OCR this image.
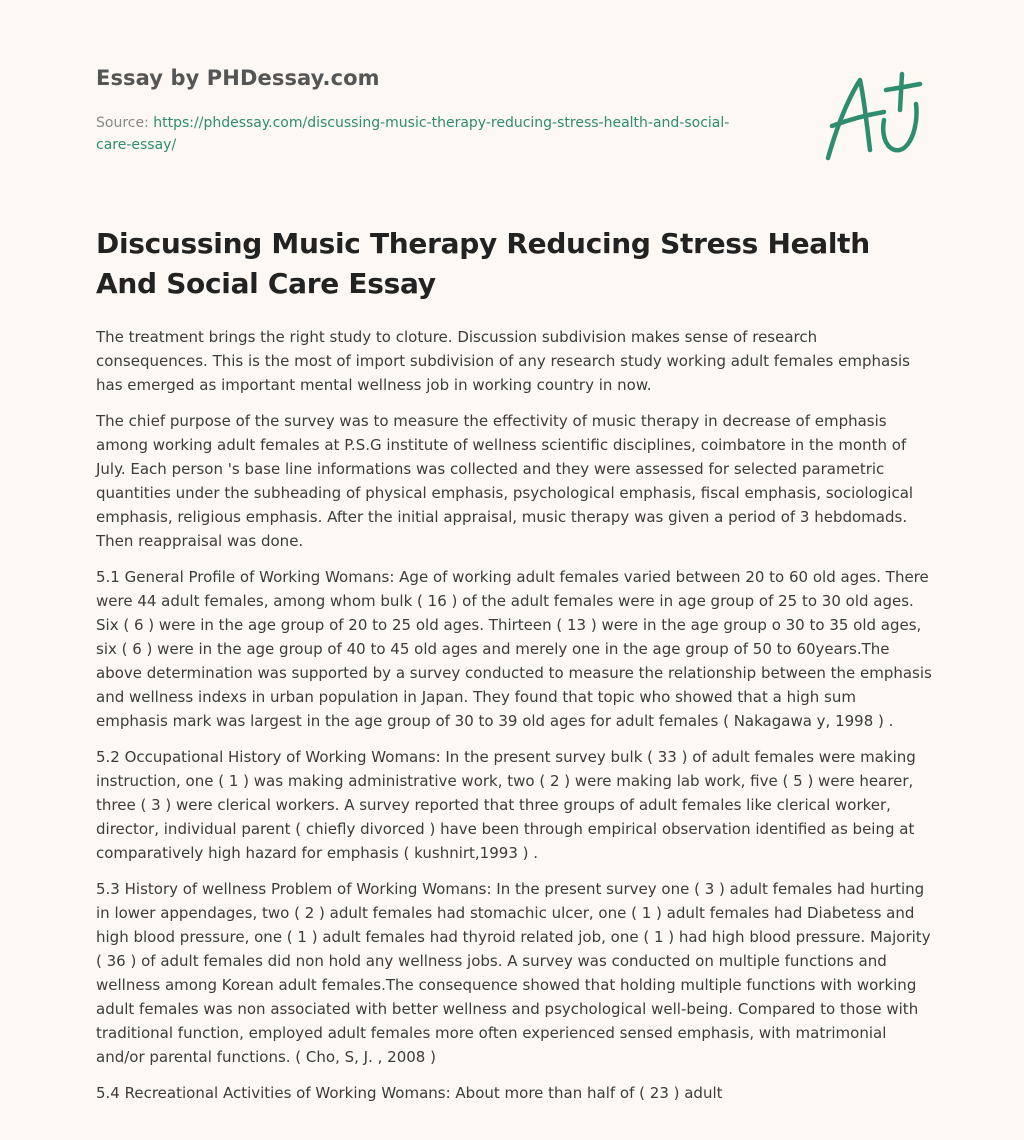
Essay by PHDessay.com
Source: https://phdessay.com/discussing-music-therapy-reducing-stress-health-and-social-care-essay/
Discussing Music Therapy Reducing Stress Health And Social Care Essay

The treatment brings the right study to cloture. Discussion subdivision makes sense of research consequences. This is the most of import subdivision of any research study working adult females emphasis has emerged as important mental wellness job in working country in now.

The chief purpose of the survey was to measure the effectivity of music therapy in decrease of emphasis among working adult females at P.S.G institute of wellness scientific disciplines, coimbatore in the month of July. Each person 's base line informations was collected and they were assessed for selected parametric quantities under the subheading of physical emphasis, psychological emphasis, fiscal emphasis, sociological emphasis, religious emphasis. After the initial appraisal, music therapy was given a period of 3 hebdomads. Then reappraisal was done.

5.1 General Profile of Working Womans: Age of working adult females varied between 20 to 60 old ages. There were 44 adult females, among whom bulk ( 16 ) of the adult females were in age group of 25 to 30 old ages. Six ( 6 ) were in the age group of 20 to 25 old ages. Thirteen ( 13 ) were in the age group o 30 to 35 old ages, six ( 6 ) were in the age group of 40 to 45 old ages and merely one in the age group of 50 to 60years.The above determination was supported by a survey conducted to measure the relationship between the emphasis and wellness indexs in urban population in Japan. They found that topic who showed that a high sum emphasis mark was largest in the age group of 30 to 39 old ages for adult females ( Nakagawa y, 1998 ) .

5.2 Occupational History of Working Womans: In the present survey bulk ( 33 ) of adult females were making instruction, one ( 1 ) was making administrative work, two ( 2 ) were making lab work, five ( 5 ) were hearer, three ( 3 ) were clerical workers. A survey reported that three groups of adult females like clerical worker, director, individual parent ( chiefly divorced ) have been through empirical observation identified as being at comparatively high hazard for emphasis ( kushnirt,1993 ) .

5.3 History of wellness Problem of Working Womans: In the present survey one ( 3 ) adult females had hurting in lower appendages, two ( 2 ) adult females had stomachic ulcer, one ( 1 ) adult females had Diabetess and high blood pressure, one ( 1 ) adult females had thyroid related job, one ( 1 ) had high blood pressure. Majority ( 36 ) of adult females did non hold any wellness jobs. A survey was conducted on multiple functions and wellness among Korean adult females.The consequence showed that holding multiple functions with working adult females was non associated with better wellness and psychological well-being. Compared to those with traditional function, employed adult females more often experienced sensed emphasis, with matrimonial and/or parental functions. ( Cho, S, J. , 2008 )

5.4 Recreational Activities of Working Womans: About more than half of ( 23 ) adult
